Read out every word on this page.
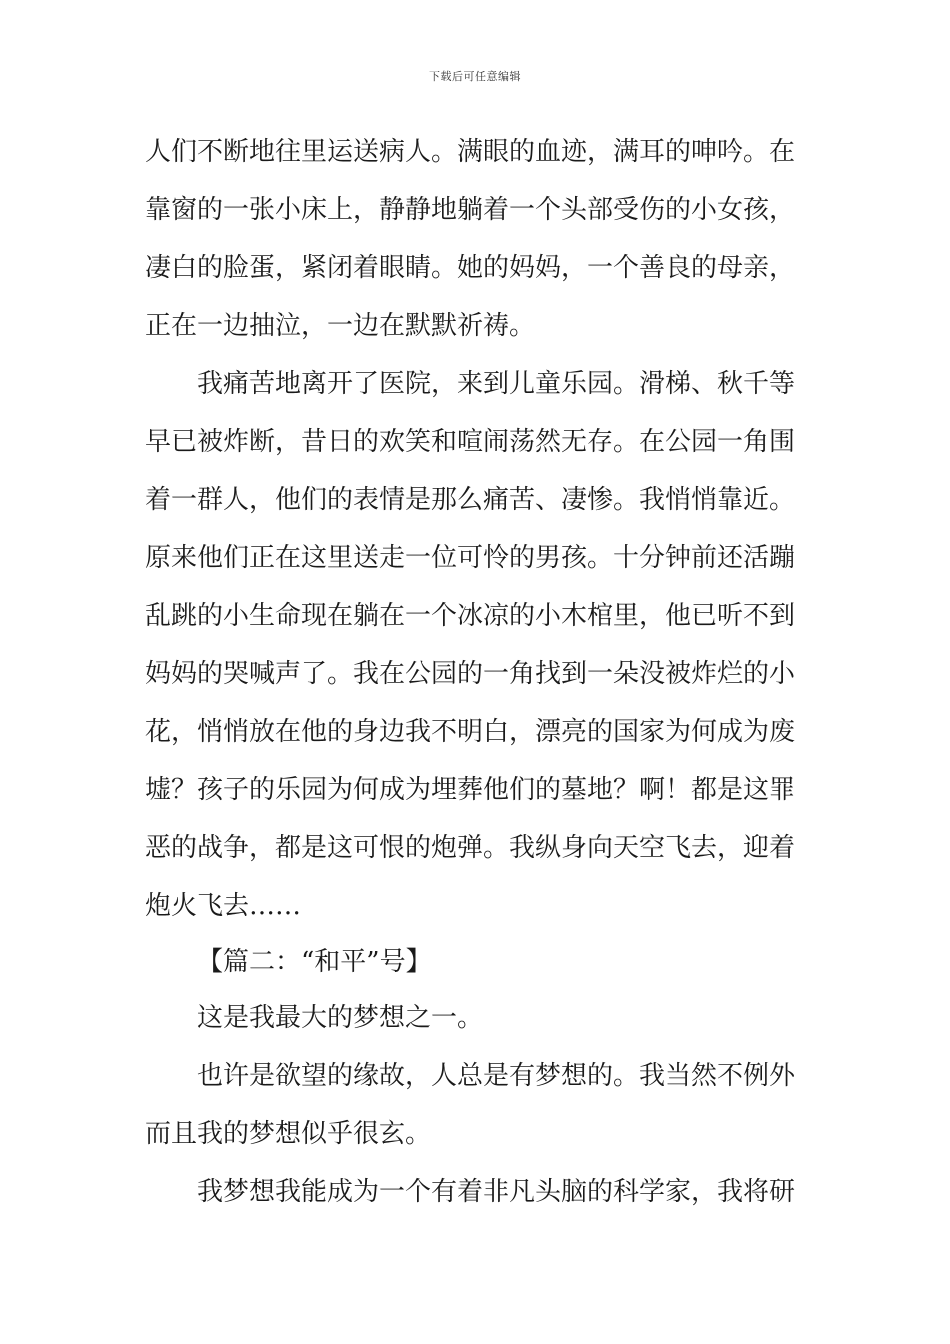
下载后可任意编辑
人们不断地往里运送病人。满眼的血迹，满耳的呻吟。在
靠窗的一张小床上，静静地躺着一个头部受伤的小女孩，
凄白的脸蛋，紧闭着眼睛。她的妈妈，一个善良的母亲，
正在一边抽泣，一边在默默祈祷。
我痛苦地离开了医院，来到儿童乐园。滑梯、秋千等
早已被炸断，昔日的欢笑和喧闹荡然无存。在公园一角围
着一群人，他们的表情是那么痛苦、凄惨。我悄悄靠近。
原来他们正在这里送走一位可怜的男孩。十分钟前还活蹦
乱跳的小生命现在躺在一个冰凉的小木棺里，他已听不到
妈妈的哭喊声了。我在公园的一角找到一朵没被炸烂的小
花，悄悄放在他的身边我不明白，漂亮的国家为何成为废
墟？孩子的乐园为何成为埋葬他们的墓地？啊！都是这罪
恶的战争，都是这可恨的炮弹。我纵身向天空飞去，迎着
炮火飞去……
【篇二：“和平”号】
这是我最大的梦想之一。
也许是欲望的缘故，人总是有梦想的。我当然不例外
而且我的梦想似乎很玄。
我梦想我能成为一个有着非凡头脑的科学家，我将研
